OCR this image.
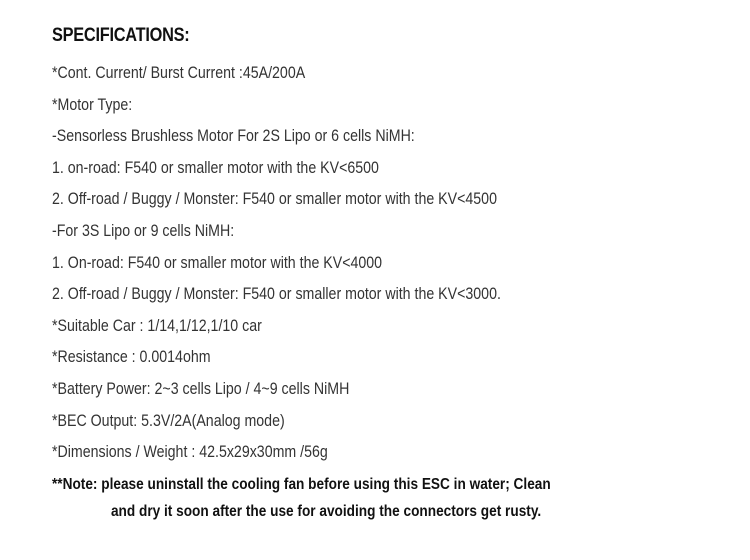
SPECIFICATIONS:
*Cont. Current/ Burst Current :45A/200A
*Motor Type:
-Sensorless Brushless Motor For 2S Lipo or 6 cells NiMH:
1. on-road: F540 or smaller motor with the KV<6500
2. Off-road / Buggy / Monster: F540 or smaller motor with the KV<4500
-For 3S Lipo or 9 cells NiMH:
1. On-road: F540 or smaller motor with the KV<4000
2. Off-road / Buggy / Monster: F540 or smaller motor with the KV<3000.
*Suitable Car : 1/14,1/12,1/10 car
*Resistance : 0.0014ohm
*Battery Power: 2~3 cells Lipo / 4~9 cells NiMH
*BEC Output: 5.3V/2A(Analog mode)
*Dimensions / Weight : 42.5x29x30mm /56g
**Note: please uninstall the cooling fan before using this ESC in water; Clean
and dry it soon after the use for avoiding the connectors get rusty.
